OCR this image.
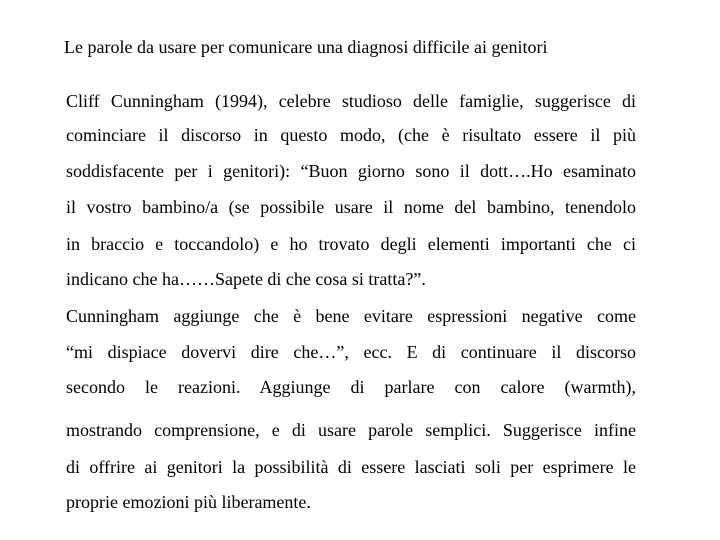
Le parole da usare per comunicare una diagnosi difficile ai genitori
Cliff Cunningham (1994), celebre studioso delle famiglie, suggerisce di
cominciare il discorso in questo modo, (che è risultato essere il più
soddisfacente per i genitori): “Buon giorno sono il dott….Ho esaminato
il vostro bambino/a (se possibile usare il nome del bambino, tenendolo
in braccio e toccandolo) e ho trovato degli elementi importanti che ci
indicano che ha……Sapete di che cosa si tratta?”.
Cunningham aggiunge che è bene evitare espressioni negative come
“mi dispiace dovervi dire che…”, ecc. E di continuare il discorso
secondo le reazioni. Aggiunge di parlare con calore (warmth),
mostrando comprensione, e di usare parole semplici. Suggerisce infine
di offrire ai genitori la possibilità di essere lasciati soli per esprimere le
proprie emozioni più liberamente.
